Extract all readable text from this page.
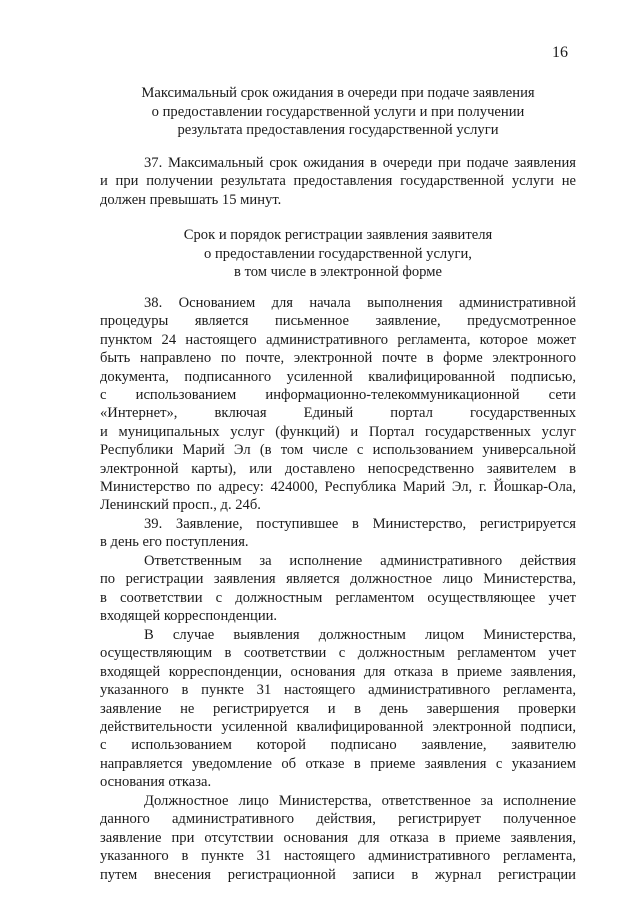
16
Максимальный срок ожидания в очереди при подаче заявления
о предоставлении государственной услуги и при получении
результата предоставления государственной услуги
37. Максимальный срок ожидания в очереди при подаче заявления
и при получении результата предоставления государственной услуги не
должен превышать 15 минут.
Срок и порядок регистрации заявления заявителя
о предоставлении государственной услуги,
в том числе в электронной форме
38. Основанием для начала выполнения административной
процедуры является письменное заявление, предусмотренное
пунктом 24 настоящего административного регламента, которое может
быть направлено по почте, электронной почте в форме электронного
документа, подписанного усиленной квалифицированной подписью,
с использованием информационно-телекоммуникационной сети
«Интернет», включая Единый портал государственных
и муниципальных услуг (функций) и Портал государственных услуг
Республики Марий Эл (в том числе с использованием универсальной
электронной карты), или доставлено непосредственно заявителем в
Министерство по адресу: 424000, Республика Марий Эл, г. Йошкар-Ола,
Ленинский просп., д. 24б.
39. Заявление, поступившее в Министерство, регистрируется
в день его поступления.
Ответственным за исполнение административного действия
по регистрации заявления является должностное лицо Министерства,
в соответствии с должностным регламентом осуществляющее учет
входящей корреспонденции.
В случае выявления должностным лицом Министерства,
осуществляющим в соответствии с должностным регламентом учет
входящей корреспонденции, основания для отказа в приеме заявления,
указанного в пункте 31 настоящего административного регламента,
заявление не регистрируется и в день завершения проверки
действительности усиленной квалифицированной электронной подписи,
с использованием которой подписано заявление, заявителю
направляется уведомление об отказе в приеме заявления с указанием
основания отказа.
Должностное лицо Министерства, ответственное за исполнение
данного административного действия, регистрирует полученное
заявление при отсутствии основания для отказа в приеме заявления,
указанного в пункте 31 настоящего административного регламента,
путем внесения регистрационной записи в журнал регистрации
